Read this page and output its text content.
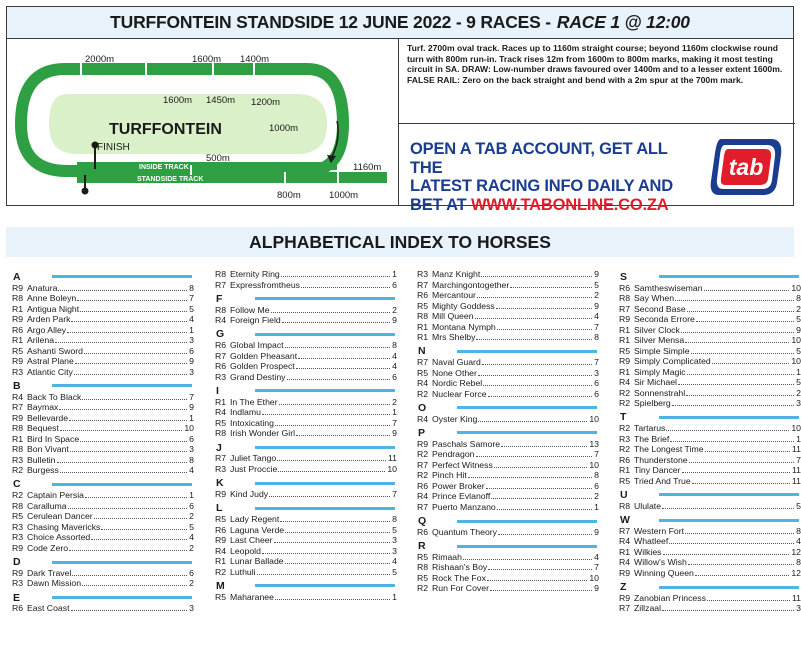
TURFFONTEIN STANDSIDE 12 JUNE 2022 - 9 RACES - RACE 1 @ 12:00
2000m	1600m 1400m
1600m 1450m 1200m
1000m
500m
1160m
800m	1000m
FINISH
TURFFONTEIN
INSIDE TRACK
STANDSIDE TRACK
Turf. 2700m oval track. Races up to 1160m straight course; beyond 1160m clockwise round turn with 800m run-in. Track rises 12m from 1600m to 800m marks, making it most testing circuit in SA. DRAW: Low-number draws favoured over 1400m and to a lesser extent 1600m. FALSE RAIL: Zero on the back straight and bend with a 2m spur at the 700m mark.
OPEN A TAB ACCOUNT, GET ALL THE
LATEST RACING INFO DAILY AND
BET AT WWW.TABONLINE.CO.ZA
tab
ALPHABETICAL INDEX TO HORSES
A
R9 Anatura	8
R8 Anne Boleyn	7
R1 Antigua Night	5
R9 Arden Park	4
R6 Argo Alley	1
R1 Arilena	3
R5 Ashanti Sword	6
R9 Astral Plane	9
R3 Atlantic City	3
B
R4 Back To Black	7
R7 Baymax	9
R9 Bellevarde	1
R8 Bequest	10
R1 Bird In Space	6
R8 Bon Vivant	3
R3 Bulletin	8
R2 Burgess	4
C
R2 Captain Persia	1
R8 Caralluma	6
R5 Cerulean Dancer	2
R3 Chasing Mavericks	5
R3 Choice Assorted	4
R9 Code Zero	2
D
R9 Dark Travel	6
R3 Dawn Mission	2
E
R6 East Coast	3
R8 Eternity Ring	1
R7 Expressfromtheus	6
F
R8 Follow Me	2
R4 Foreign Field	9
G
R6 Global Impact	8
R7 Golden Pheasant	4
R6 Golden Prospect	4
R3 Grand Destiny	6
I
R1 In The Ether	2
R4 Indlamu	1
R5 Intoxicating	7
R8 Irish Wonder Girl	9
J
R7 Juliet Tango	11
R3 Just Proccie	10
K
R9 Kind Judy	7
L
R5 Lady Regent	8
R6 Laguna Verde	5
R9 Last Cheer	3
R4 Leopold	3
R1 Lunar Ballade	4
R2 Luthuli	5
M
R5 Maharanee	1
R3 Manz Knight	9
R7 Marchingontogether	5
R6 Mercantour	2
R5 Mighty Goddess	9
R8 Mill Queen	4
R1 Montana Nymph	7
R1 Mrs Shelby	8
N
R7 Naval Guard	7
R5 None Other	3
R4 Nordic Rebel	6
R2 Nuclear Force	6
O
R4 Oyster King	10
P
R9 Paschals Samore	13
R2 Pendragon	7
R7 Perfect Witness	10
R2 Pinch Hit	8
R6 Power Broker	6
R4 Prince Evlanoff	2
R7 Puerto Manzano	1
Q
R6 Quantum Theory	9
R
R5 Rimaah	4
R8 Rishaan's Boy	7
R5 Rock The Fox	10
R2 Run For Cover	9
S
R6 Samtheswiseman	10
R8 Say When	8
R7 Second Base	2
R9 Seconda Errore	5
R1 Silver Clock	9
R1 Silver Mensa	10
R5 Simple Simple	5
R9 Simply Complicated	10
R1 Simply Magic	1
R4 Sir Michael	5
R2 Sonnenstrahl	2
R2 Spielberg	3
T
R2 Tartarus	10
R3 The Brief	1
R2 The Longest Time	11
R6 Thunderstone	7
R1 Tiny Dancer	11
R5 Tried And True	11
U
R8 Ululate	5
W
R7 Western Fort	8
R4 Whatleef	4
R1 Wilkies	12
R4 Willow's Wish	8
R9 Winning Queen	12
Z
R9 Zanobian Princess	11
R7 Zillzaal	3
